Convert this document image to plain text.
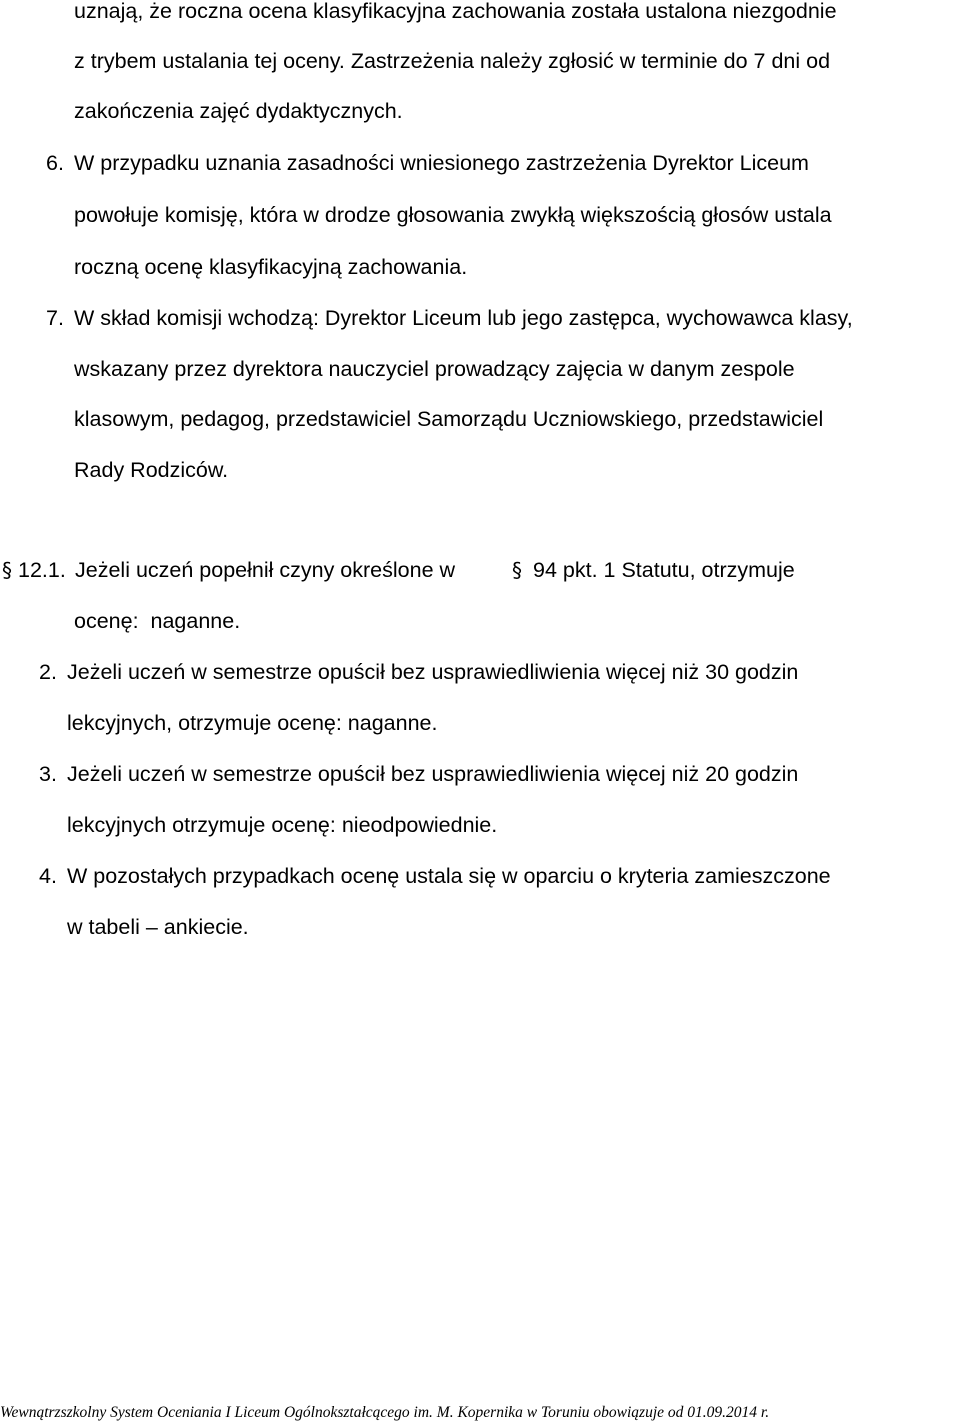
uznają, że roczna ocena klasyfikacyjna zachowania została ustalona niezgodnie
z trybem ustalania tej oceny. Zastrzeżenia należy zgłosić w terminie do 7 dni od
zakończenia zajęć dydaktycznych.
6. W przypadku uznania zasadności wniesionego zastrzeżenia Dyrektor Liceum
powołuje komisję, która w drodze głosowania zwykłą większością głosów ustala
roczną ocenę klasyfikacyjną zachowania.
7. W skład komisji wchodzą: Dyrektor Liceum lub jego zastępca, wychowawca klasy,
wskazany przez dyrektora nauczyciel prowadzący zajęcia w danym zespole
klasowym, pedagog, przedstawiciel Samorządu Uczniowskiego, przedstawiciel
Rady Rodziców.
§ 12.1. Jeżeli uczeń popełnił czyny określone w	§ 94 pkt. 1 Statutu, otrzymuje
ocenę:  naganne.
2. Jeżeli uczeń w semestrze opuścił bez usprawiedliwienia więcej niż 30 godzin
lekcyjnych, otrzymuje ocenę: naganne.
3. Jeżeli uczeń w semestrze opuścił bez usprawiedliwienia więcej niż 20 godzin
lekcyjnych otrzymuje ocenę: nieodpowiednie.
4. W pozostałych przypadkach ocenę ustala się w oparciu o kryteria zamieszczone
w tabeli – ankiecie.
Wewnątrzszkolny System Oceniania I Liceum Ogólnokształcącego im. M. Kopernika w Toruniu obowiązuje od 01.09.2014 r.
